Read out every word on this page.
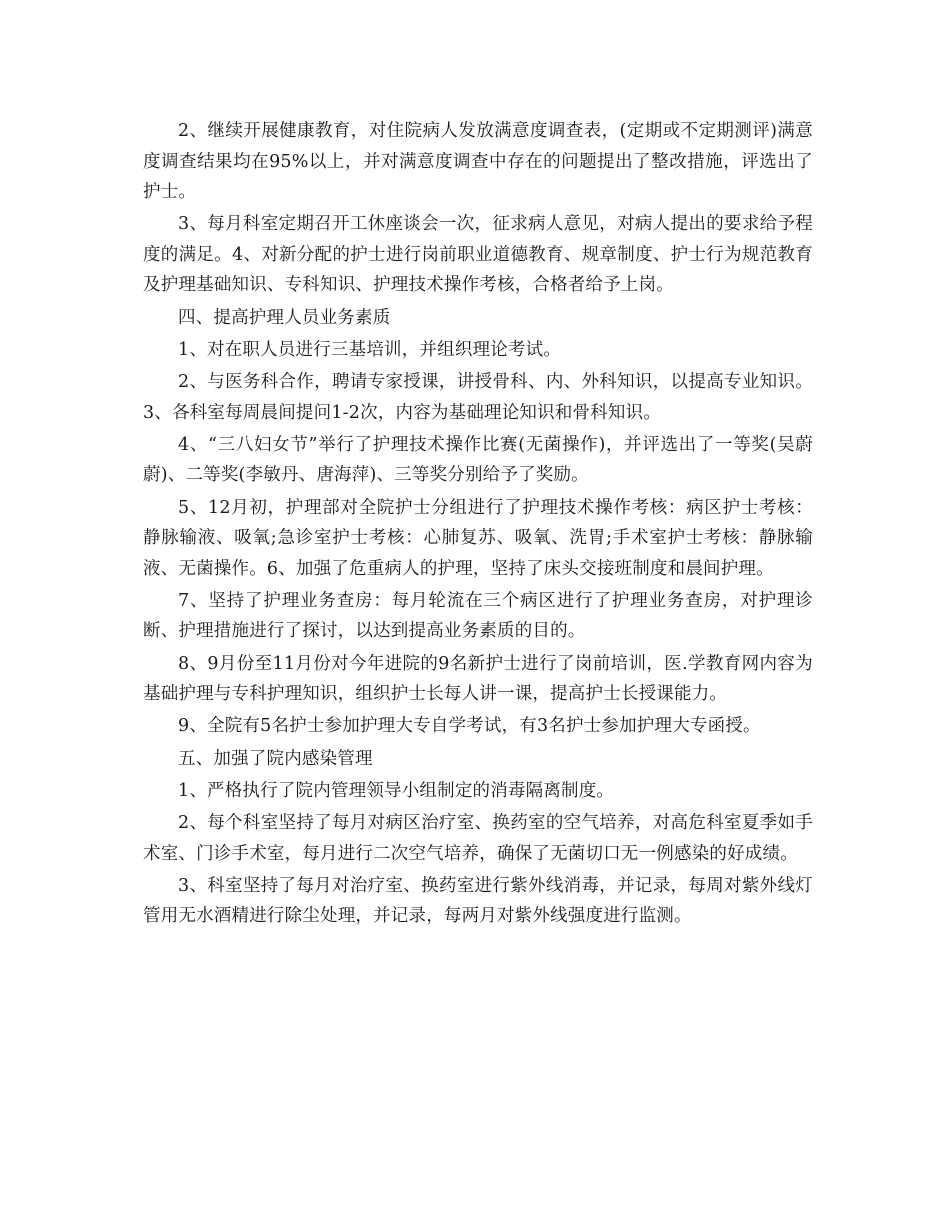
2、继续开展健康教育，对住院病人发放满意度调查表，(定期或不定期测评)满意度调查结果均在95%以上，并对满意度调查中存在的问题提出了整改措施，评选出了护士。

3、每月科室定期召开工休座谈会一次，征求病人意见，对病人提出的要求给予程度的满足。4、对新分配的护士进行岗前职业道德教育、规章制度、护士行为规范教育及护理基础知识、专科知识、护理技术操作考核，合格者给予上岗。

四、提高护理人员业务素质

1、对在职人员进行三基培训，并组织理论考试。

2、与医务科合作，聘请专家授课，讲授骨科、内、外科知识，以提高专业知识。3、各科室每周晨间提问1-2次，内容为基础理论知识和骨科知识。

4、“三八妇女节”举行了护理技术操作比赛(无菌操作)，并评选出了一等奖(吴蔚蔚)、二等奖(李敏丹、唐海萍)、三等奖分别给予了奖励。

5、12月初，护理部对全院护士分组进行了护理技术操作考核：病区护士考核：静脉输液、吸氧;急诊室护士考核：心肺复苏、吸氧、洗胃;手术室护士考核：静脉输液、无菌操作。6、加强了危重病人的护理，坚持了床头交接班制度和晨间护理。

7、坚持了护理业务查房：每月轮流在三个病区进行了护理业务查房，对护理诊断、护理措施进行了探讨，以达到提高业务素质的目的。

8、9月份至11月份对今年进院的9名新护士进行了岗前培训，医.学教育网内容为基础护理与专科护理知识，组织护士长每人讲一课，提高护士长授课能力。

9、全院有5名护士参加护理大专自学考试，有3名护士参加护理大专函授。

五、加强了院内感染管理

1、严格执行了院内管理领导小组制定的消毒隔离制度。

2、每个科室坚持了每月对病区治疗室、换药室的空气培养，对高危科室夏季如手术室、门诊手术室，每月进行二次空气培养，确保了无菌切口无一例感染的好成绩。

3、科室坚持了每月对治疗室、换药室进行紫外线消毒，并记录，每周对紫外线灯管用无水酒精进行除尘处理，并记录，每两月对紫外线强度进行监测。
